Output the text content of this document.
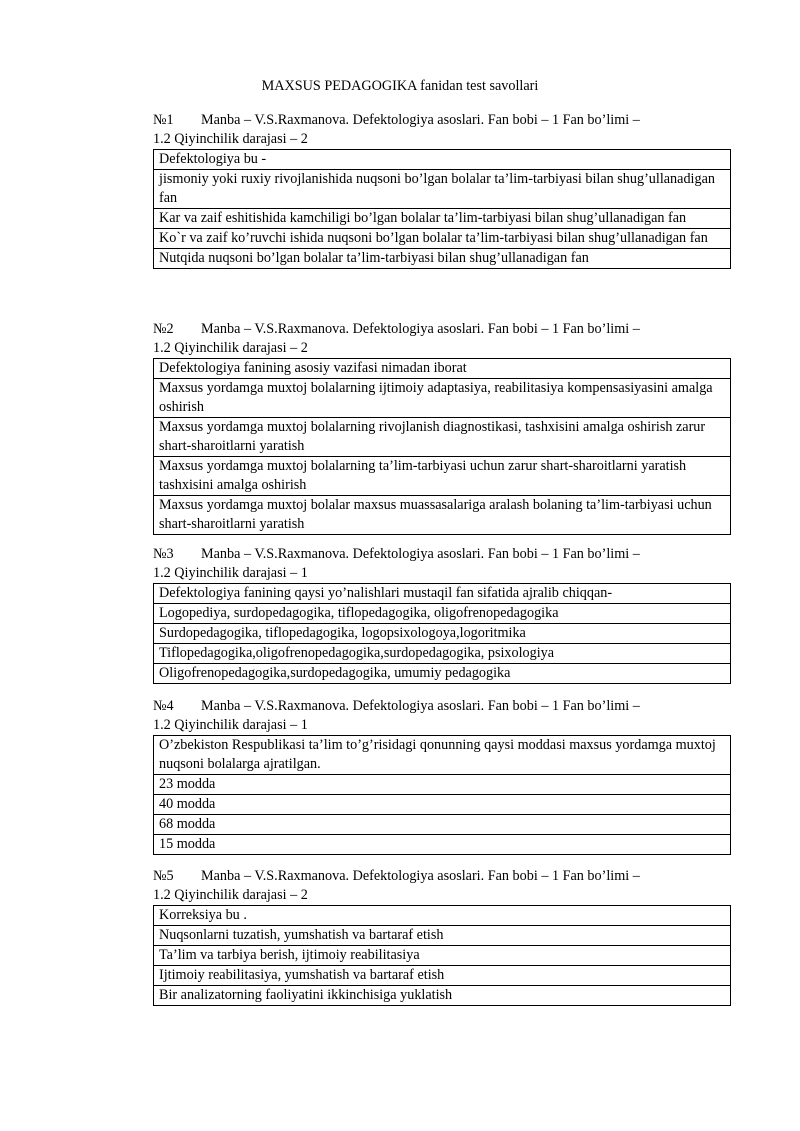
MAXSUS PEDAGOGIKA fanidan test savollari
№1 Manba – V.S.Raxmanova. Defektologiya asoslari. Fan bobi – 1 Fan bo’limi –
1.2 Qiyinchilik darajasi – 2
Defektologiya bu -
jismoniy yoki ruxiy rivojlanishida nuqsoni bo’lgan bolalar ta’lim-tarbiyasi bilan shug’ullanadigan fan
Kar va zaif eshitishida kamchiligi bo’lgan bolalar ta’lim-tarbiyasi bilan shug’ullanadigan fan
Ko`r va zaif ko’ruvchi ishida nuqsoni bo’lgan bolalar ta’lim-tarbiyasi bilan shug’ullanadigan fan
Nutqida nuqsoni bo’lgan bolalar ta’lim-tarbiyasi bilan shug’ullanadigan fan
№2 Manba – V.S.Raxmanova. Defektologiya asoslari. Fan bobi – 1 Fan bo’limi –
1.2 Qiyinchilik darajasi – 2
Defektologiya fanining asosiy vazifasi nimadan iborat
Maxsus yordamga muxtoj bolalarning ijtimoiy adaptasiya, reabilitasiya kompensasiyasini amalga oshirish
Maxsus yordamga muxtoj bolalarning rivojlanish diagnostikasi, tashxisini amalga oshirish zarur shart-sharoitlarni yaratish
Maxsus yordamga muxtoj bolalarning ta’lim-tarbiyasi uchun zarur shart-sharoitlarni yaratish tashxisini amalga oshirish
Maxsus yordamga muxtoj bolalar maxsus muassasalariga aralash bolaning ta’lim-tarbiyasi uchun shart-sharoitlarni yaratish
№3 Manba – V.S.Raxmanova. Defektologiya asoslari. Fan bobi – 1 Fan bo’limi –
1.2 Qiyinchilik darajasi – 1
Defektologiya fanining qaysi yo’nalishlari mustaqil fan sifatida ajralib chiqqan-
Logopediya, surdopedagogika, tiflopedagogika, oligofrenopedagogika
Surdopedagogika, tiflopedagogika, logopsixologoya,logoritmika
Tiflopedagogika,oligofrenopedagogika,surdopedagogika, psixologiya
Oligofrenopedagogika,surdopedagogika, umumiy pedagogika
№4 Manba – V.S.Raxmanova. Defektologiya asoslari. Fan bobi – 1 Fan bo’limi –
1.2 Qiyinchilik darajasi – 1
O’zbekiston Respublikasi ta’lim to’g’risidagi qonunning qaysi moddasi maxsus yordamga muxtoj nuqsoni bolalarga ajratilgan.
23 modda
40 modda
68 modda
15 modda
№5 Manba – V.S.Raxmanova. Defektologiya asoslari. Fan bobi – 1 Fan bo’limi –
1.2 Qiyinchilik darajasi – 2
Korreksiya bu .
Nuqsonlarni tuzatish, yumshatish va bartaraf etish
Ta’lim va tarbiya berish, ijtimoiy reabilitasiya
Ijtimoiy reabilitasiya, yumshatish va bartaraf etish
Bir analizatorning faoliyatini ikkinchisiga yuklatish
